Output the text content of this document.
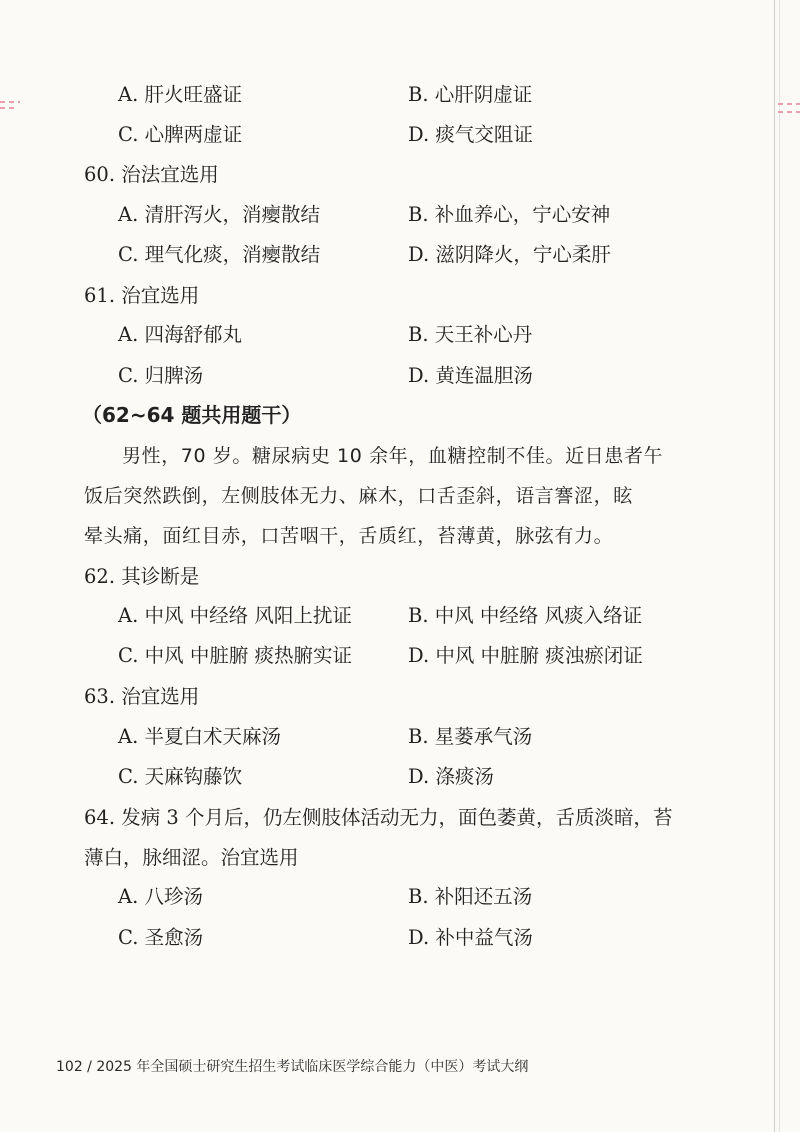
A. 肝火旺盛证	B. 心肝阴虚证
C. 心脾两虚证	D. 痰气交阻证
60. 治法宜选用
A. 清肝泻火，消瘿散结	B. 补血养心，宁心安神
C. 理气化痰，消瘿散结	D. 滋阴降火，宁心柔肝
61. 治宜选用
A. 四海舒郁丸	B. 天王补心丹
C. 归脾汤	D. 黄连温胆汤
（62~64 题共用题干）
男性，70 岁。糖尿病史 10 余年，血糖控制不佳。近日患者午
饭后突然跌倒，左侧肢体无力、麻木，口舌歪斜，语言謇涩，眩
晕头痛，面红目赤，口苦咽干，舌质红，苔薄黄，脉弦有力。
62. 其诊断是
A. 中风 中经络 风阳上扰证	B. 中风 中经络 风痰入络证
C. 中风 中脏腑 痰热腑实证	D. 中风 中脏腑 痰浊瘀闭证
63. 治宜选用
A. 半夏白术天麻汤	B. 星蒌承气汤
C. 天麻钩藤饮	D. 涤痰汤
64. 发病 3 个月后，仍左侧肢体活动无力，面色萎黄，舌质淡暗，苔
薄白，脉细涩。治宜选用
A. 八珍汤	B. 补阳还五汤
C. 圣愈汤	D. 补中益气汤
102 / 2025 年全国硕士研究生招生考试临床医学综合能力（中医）考试大纲
